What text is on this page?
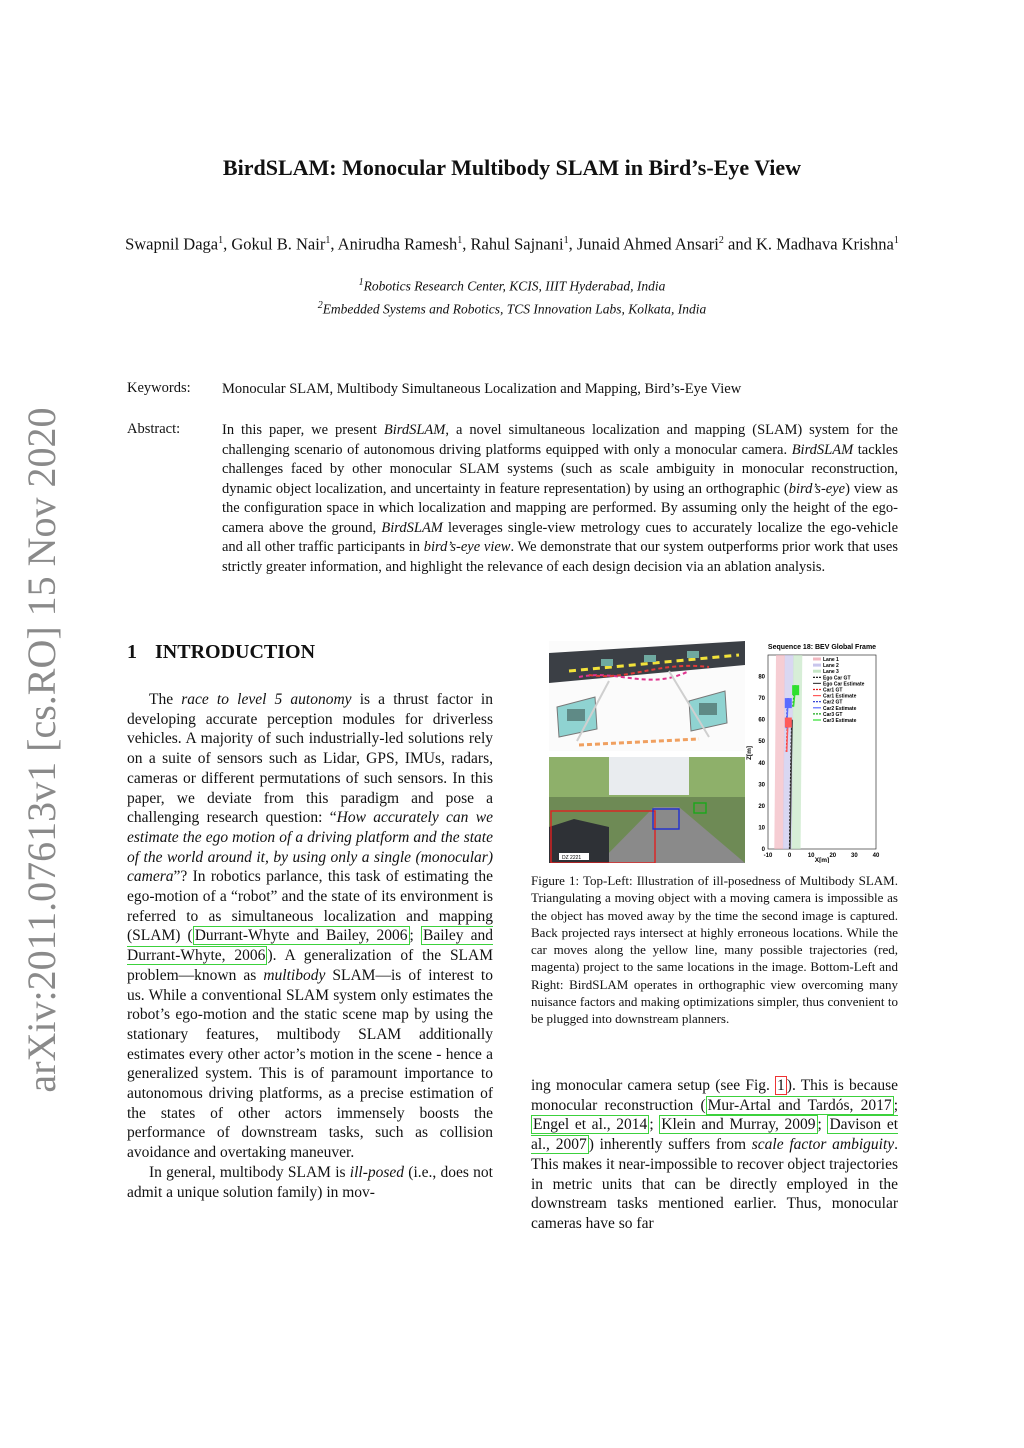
arXiv:2011.07613v1 [cs.RO] 15 Nov 2020
BirdSLAM: Monocular Multibody SLAM in Bird’s-Eye View
Swapnil Daga$^1$, Gokul B. Nair$^1$, Anirudha Ramesh$^1$, Rahul Sajnani$^1$, Junaid Ahmed Ansari$^2$ and K. Madhava Krishna$^1$
$^1$Robotics Research Center, KCIS, IIIT Hyderabad, India
$^2$Embedded Systems and Robotics, TCS Innovation Labs, Kolkata, India
Keywords: Monocular SLAM, Multibody Simultaneous Localization and Mapping, Bird’s-Eye View
Abstract:	In this paper, we present BirdSLAM, a novel simultaneous localization and mapping (SLAM) system for the challenging scenario of autonomous driving platforms equipped with only a monocular camera. BirdSLAM tackles challenges faced by other monocular SLAM systems (such as scale ambiguity in monocular reconstruction, dynamic object localization, and uncertainty in feature representation) by using an orthographic (bird’s-eye) view as the configuration space in which localization and mapping are performed. By assuming only the height of the ego-camera above the ground, BirdSLAM leverages single-view metrology cues to accurately localize the ego-vehicle and all other traffic participants in bird’s-eye view. We demonstrate that our system outperforms prior work that uses strictly greater information, and highlight the relevance of each design decision via an ablation analysis.
1 INTRODUCTION

The race to level 5 autonomy is a thrust factor in developing accurate perception modules for driverless vehicles. A majority of such industrially-led solutions rely on a suite of sensors such as Lidar, GPS, IMUs, radars, cameras or different permutations of such sensors. In this paper, we deviate from this paradigm and pose a challenging research question: “How accurately can we estimate the ego motion of a driving platform and the state of the world around it, by using only a single (monocular) camera”? In robotics parlance, this task of estimating the ego-motion of a “robot” and the state of its environment is referred to as simultaneous localization and mapping (SLAM) ( Durrant-Whyte and Bailey, 2006 ; Bailey and Durrant-Whyte, 2006 ). A generalization of the SLAM problem—known as multibody SLAM—is of interest to us. While a conventional SLAM system only estimates the robot’s ego-motion and the static scene map by using the stationary features, multibody SLAM additionally estimates every other actor’s motion in the scene - hence a generalized system. This is of paramount importance to autonomous driving platforms, as a precise estimation of the states of other actors immensely boosts the performance of downstream tasks, such as collision avoidance and overtaking maneuver.

In general, multibody SLAM is ill-posed (i.e., does not admit a unique solution family) in mov-

DZ 2221
Sequence 18: BEV Global Frame
-10	0	10 20 30 40
0
10
20
30
40
50
60
70
80
Lane 1
Lane 2
Lane 3
Ego Car GT
Ego Car Estimate
Car1 GT
Car1 Estimate
Car2 GT
Car2 Estimate
Car3 GT
Car3 Estimate
X[m]
Z[m]
Figure 1: Top-Left: Illustration of ill-posedness of Multibody SLAM. Triangulating a moving object with a moving camera is impossible as the object has moved away by the time the second image is captured. Back projected rays intersect at highly erroneous locations. While the car moves along the yellow line, many possible trajectories (red, magenta) project to the same locations in the image. Bottom-Left and Right: BirdSLAM operates in orthographic view overcoming many nuisance factors and making optimizations simpler, thus convenient to be plugged into downstream planners.

ing monocular camera setup (see Fig. 1 ). This is because monocular reconstruction ( Mur-Artal and Tardós, 2017 ; Engel et al., 2014 ; Klein and Murray, 2009 ; Davison et al., 2007 ) inherently suffers from scale factor ambiguity. This makes it near-impossible to recover object trajectories in metric units that can be directly employed in the downstream tasks mentioned earlier. Thus, monocular cameras have so far
